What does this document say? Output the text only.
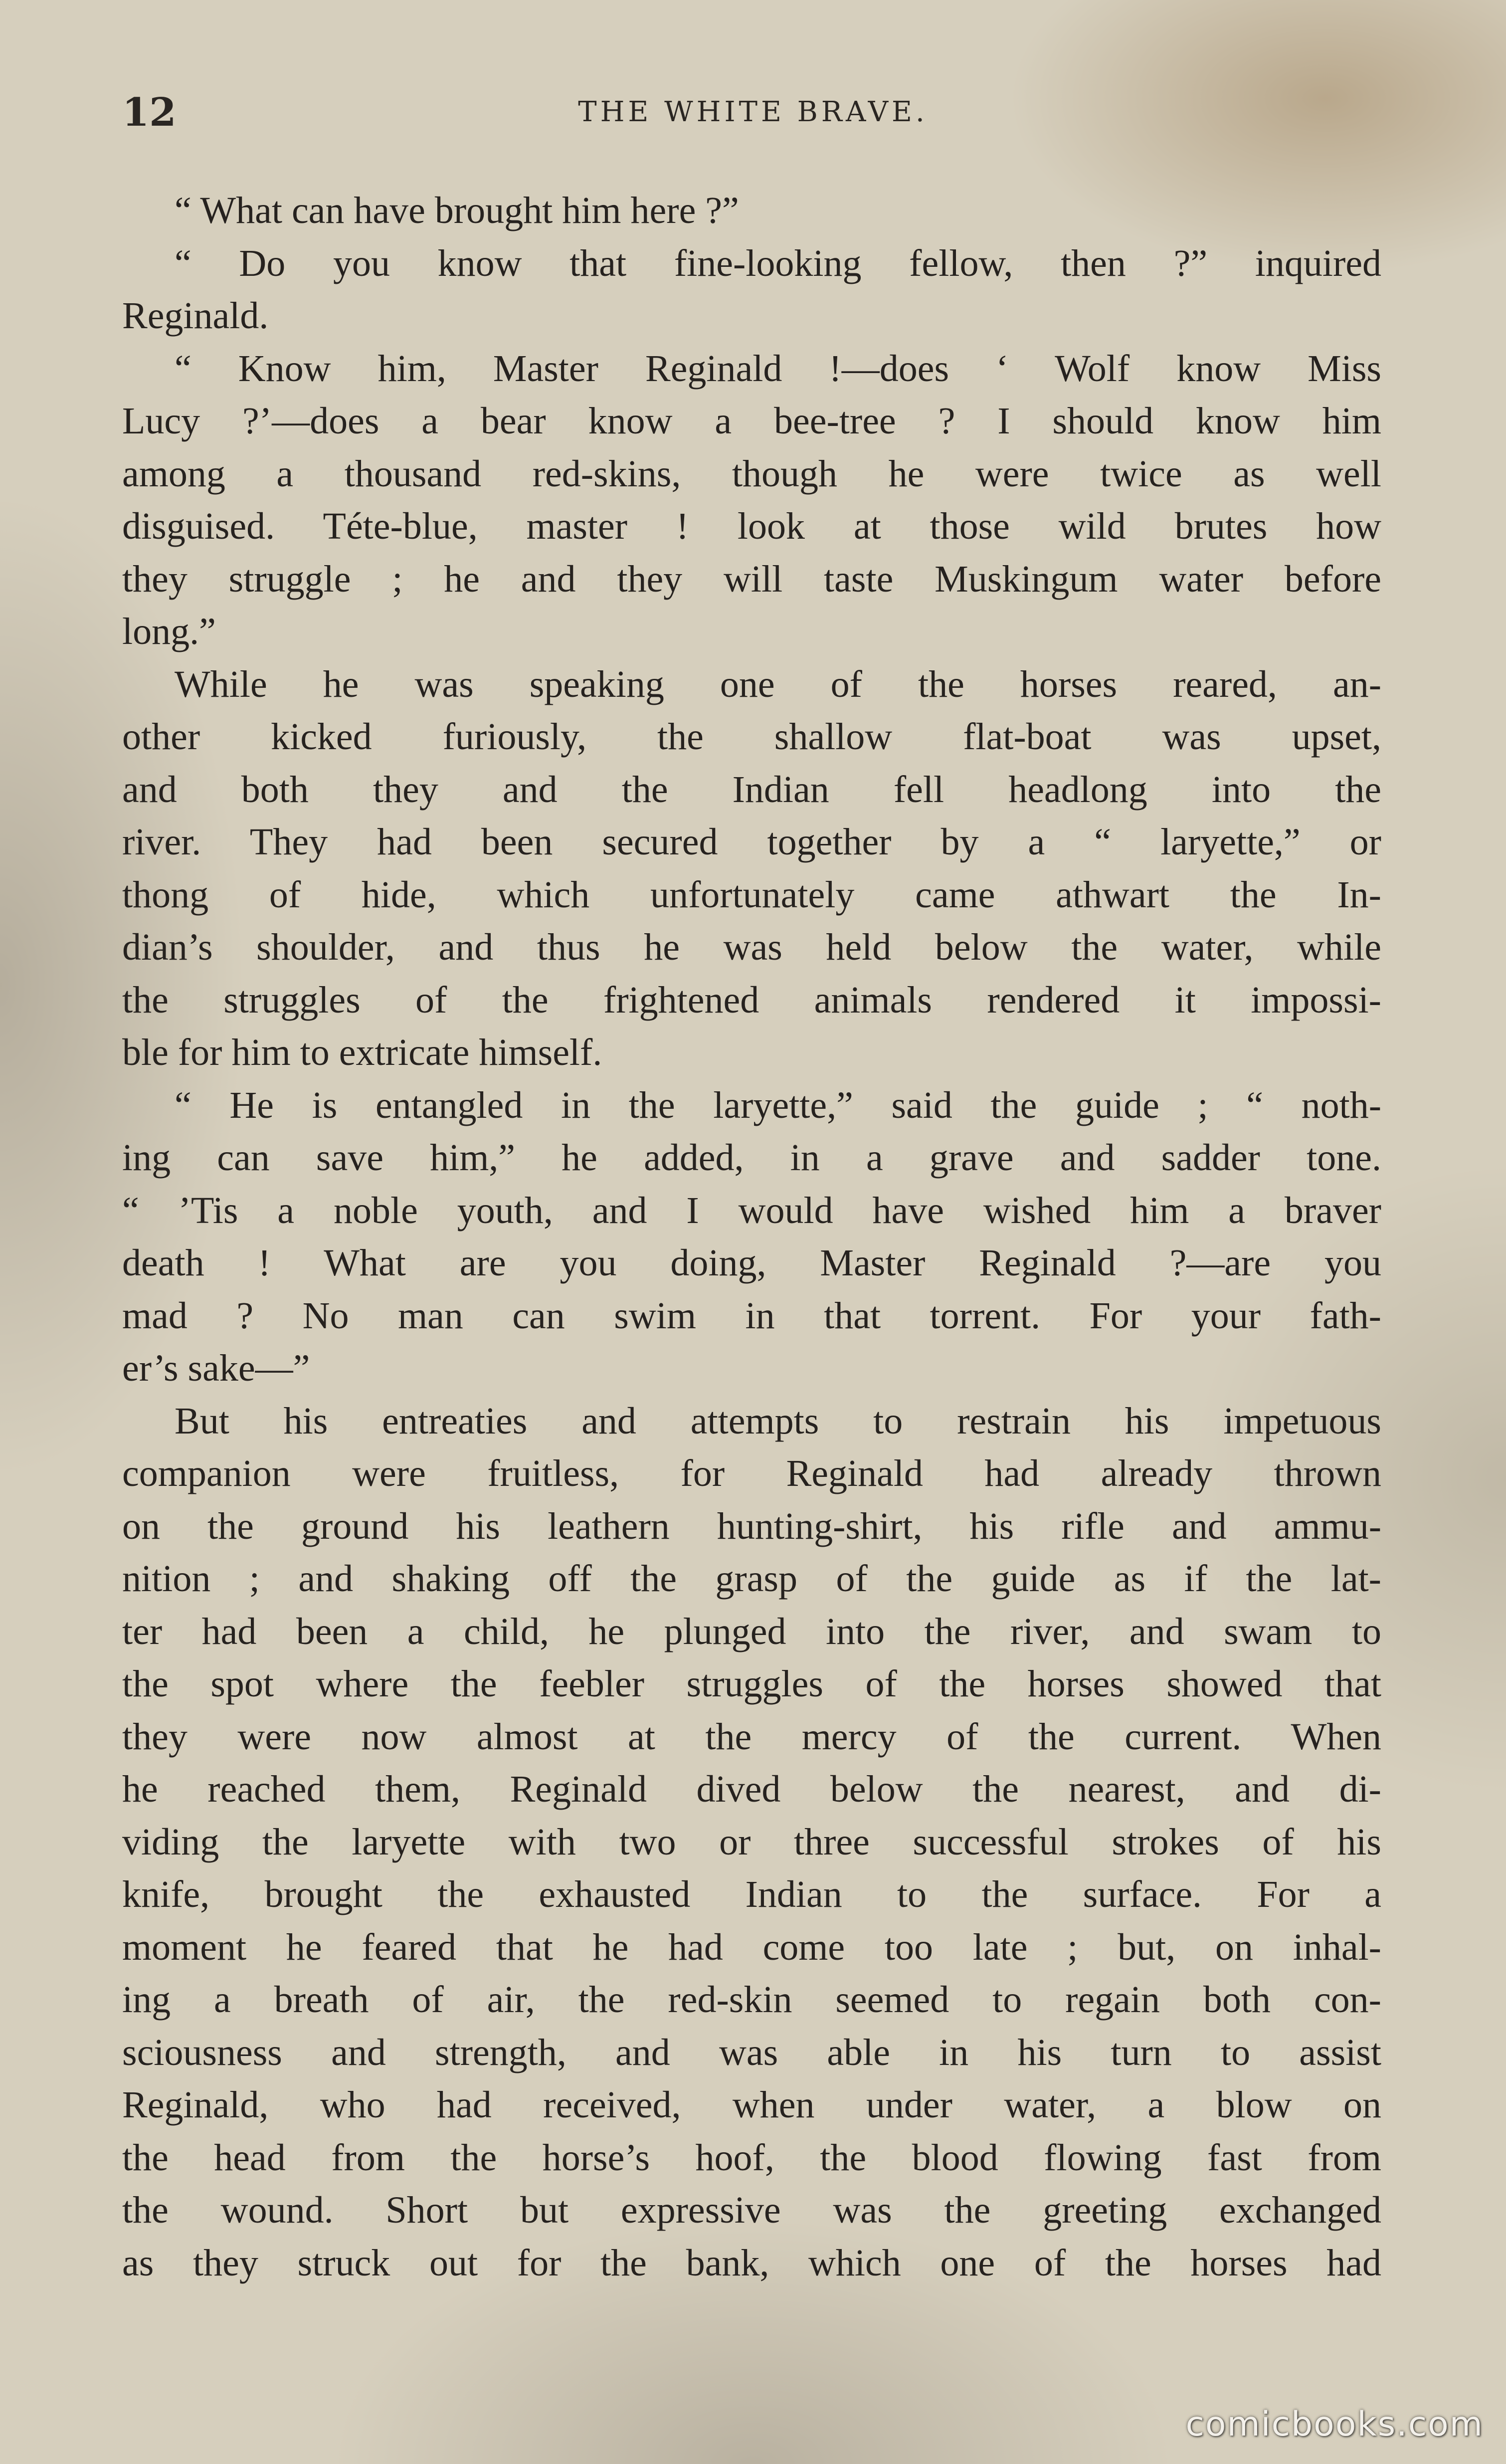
12	THE WHITE BRAVE.
“ What can have brought him here ?”
“ Do you know that fine-looking fellow, then ?” inquired
Reginald.
“ Know him, Master Reginald !—does ‘ Wolf know Miss
Lucy ?’—does a bear know a bee-tree ? I should know him
among a thousand red-skins, though he were twice as well
disguised. Téte-blue, master ! look at those wild brutes how
they struggle ; he and they will taste Muskingum water before
long.”
While he was speaking one of the horses reared, an-
other kicked furiously, the shallow flat-boat was upset,
and both they and the Indian fell headlong into the
river. They had been secured together by a “ laryette,” or
thong of hide, which unfortunately came athwart the In-
dian’s shoulder, and thus he was held below the water, while
the struggles of the frightened animals rendered it impossi-
ble for him to extricate himself.
“ He is entangled in the laryette,” said the guide ; “ noth-
ing can save him,” he added, in a grave and sadder tone.
“ ’Tis a noble youth, and I would have wished him a braver
death ! What are you doing, Master Reginald ?—are you
mad ? No man can swim in that torrent. For your fath-
er’s sake—”
But his entreaties and attempts to restrain his impetuous
companion were fruitless, for Reginald had already thrown
on the ground his leathern hunting-shirt, his rifle and ammu-
nition ; and shaking off the grasp of the guide as if the lat-
ter had been a child, he plunged into the river, and swam to
the spot where the feebler struggles of the horses showed that
they were now almost at the mercy of the current. When
he reached them, Reginald dived below the nearest, and di-
viding the laryette with two or three successful strokes of his
knife, brought the exhausted Indian to the surface. For a
moment he feared that he had come too late ; but, on inhal-
ing a breath of air, the red-skin seemed to regain both con-
sciousness and strength, and was able in his turn to assist
Reginald, who had received, when under water, a blow on
the head from the horse’s hoof, the blood flowing fast from
the wound. Short but expressive was the greeting exchanged
as they struck out for the bank, which one of the horses had
comicbooks.com
